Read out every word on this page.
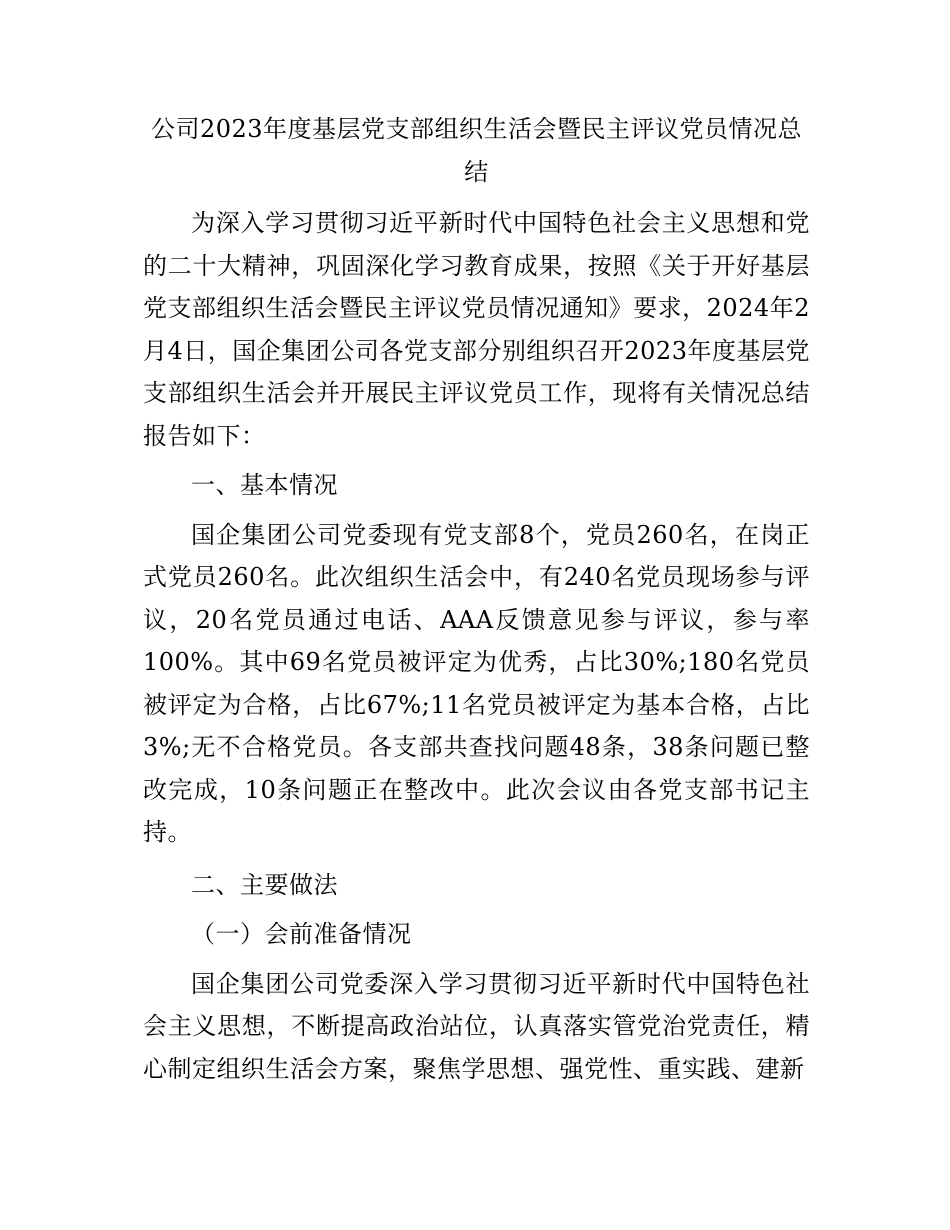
公司2023年度基层党支部组织生活会暨民主评议党员情况总结

为深入学习贯彻习近平新时代中国特色社会主义思想和党的二十大精神，巩固深化学习教育成果，按照《关于开好基层党支部组织生活会暨民主评议党员情况通知》要求，2024年2月4日，国企集团公司各党支部分别组织召开2023年度基层党支部组织生活会并开展民主评议党员工作，现将有关情况总结报告如下：

一、基本情况

国企集团公司党委现有党支部8个，党员260名，在岗正式党员260名。此次组织生活会中，有240名党员现场参与评议，20名党员通过电话、AAA反馈意见参与评议，参与率100%。其中69名党员被评定为优秀，占比30%;180名党员被评定为合格，占比67%;11名党员被评定为基本合格，占比3%;无不合格党员。各支部共查找问题48条，38条问题已整改完成，10条问题正在整改中。此次会议由各党支部书记主持。

二、主要做法

（一）会前准备情况

国企集团公司党委深入学习贯彻习近平新时代中国特色社会主义思想，不断提高政治站位，认真落实管党治党责任，精心制定组织生活会方案，聚焦学思想、强党性、重实践、建新
